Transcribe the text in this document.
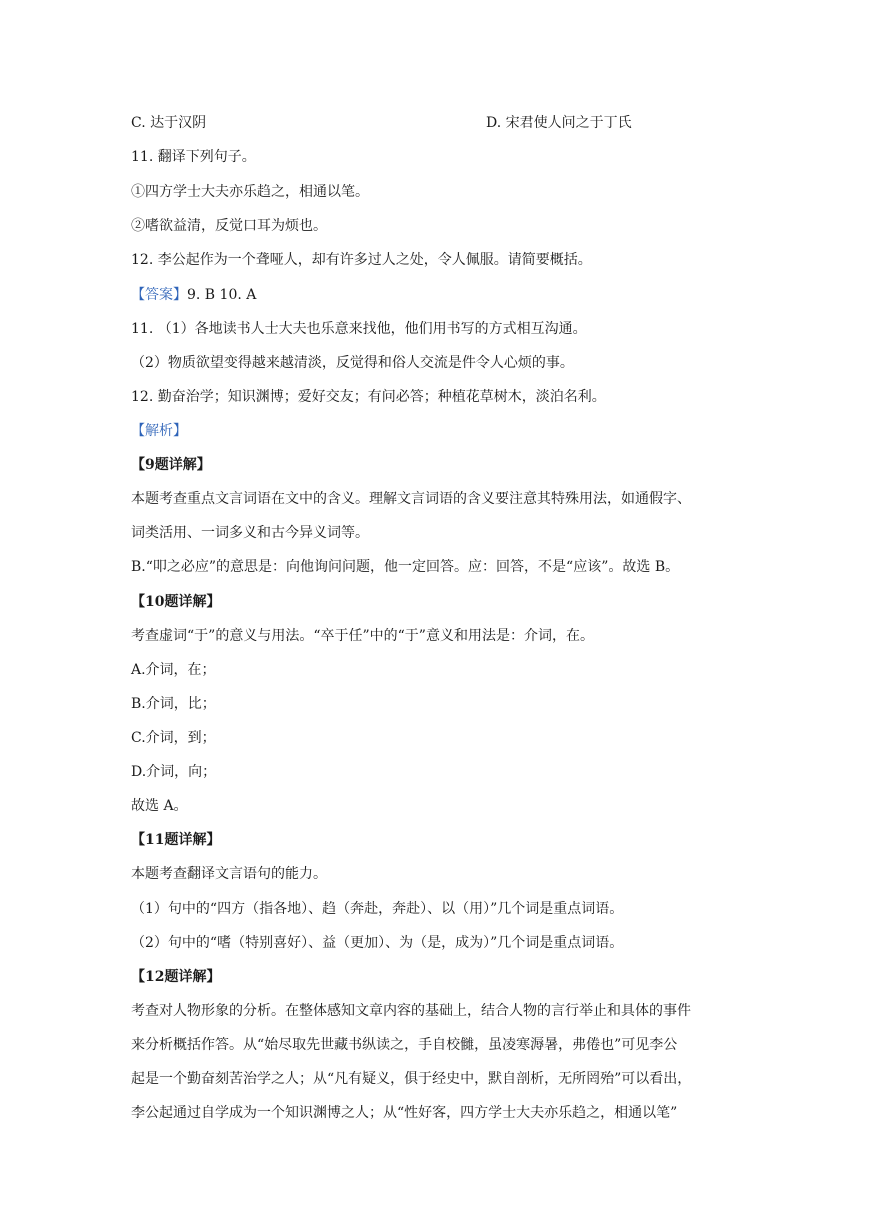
C. 达于汉阴	D. 宋君使人问之于丁氏
11. 翻译下列句子。
①四方学士大夫亦乐趋之，相通以笔。
②嗜欲益清，反觉口耳为烦也。
12. 李公起作为一个聋哑人，却有许多过人之处，令人佩服。请简要概括。
【答案】9. B 10. A
11. （1）各地读书人士大夫也乐意来找他，他们用书写的方式相互沟通。
（2）物质欲望变得越来越清淡，反觉得和俗人交流是件令人心烦的事。
12. 勤奋治学；知识渊博；爱好交友；有问必答；种植花草树木，淡泊名利。
【解析】
【9题详解】
本题考查重点文言词语在文中的含义。理解文言词语的含义要注意其特殊用法，如通假字、
词类活用、一词多义和古今异义词等。
B.“叩之必应”的意思是：向他询问问题，他一定回答。应：回答，不是“应该”。故选 B。
【10题详解】
考查虚词“于”的意义与用法。“卒于任”中的“于”意义和用法是：介词，在。
A.介词，在；
B.介词，比；
C.介词，到；
D.介词，向；
故选 A。
【11题详解】
本题考查翻译文言语句的能力。
（1）句中的“四方（指各地）、趋（奔赴，奔赴）、以（用）”几个词是重点词语。
（2）句中的“嗜（特别喜好）、益（更加）、为（是，成为）”几个词是重点词语。
【12题详解】
考查对人物形象的分析。在整体感知文章内容的基础上，结合人物的言行举止和具体的事件
来分析概括作答。从“始尽取先世藏书纵读之，手自校雠，虽凌寒溽暑，弗倦也”可见李公
起是一个勤奋刻苦治学之人；从“凡有疑义，俱于经史中，默自剖析，无所罔殆”可以看出，
李公起通过自学成为一个知识渊博之人；从“性好客，四方学士大夫亦乐趋之，相通以笔”
